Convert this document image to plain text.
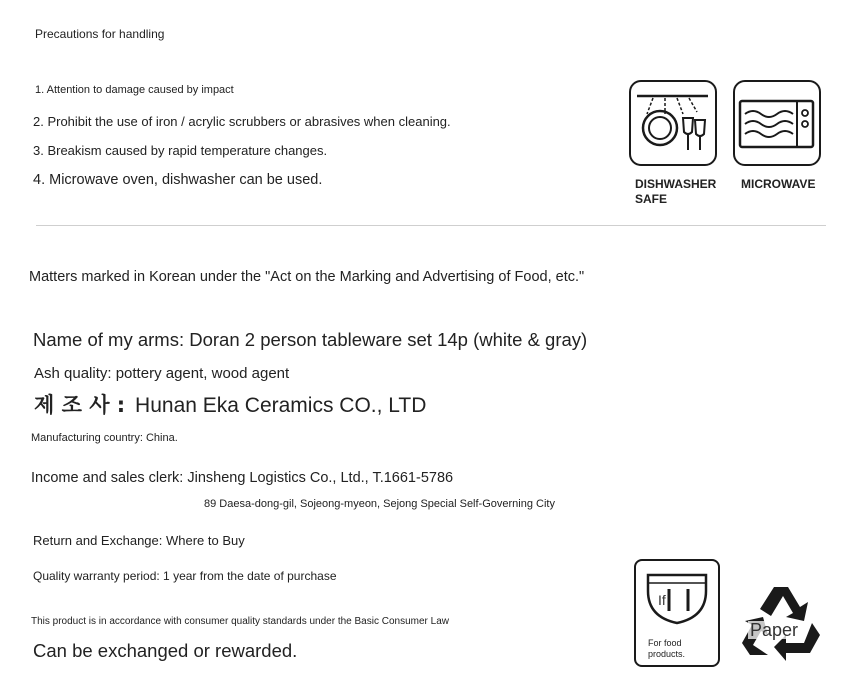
Precautions for handling
1. Attention to damage caused by impact
2. Prohibit the use of iron / acrylic scrubbers or abrasives when cleaning.
3. Breakism caused by rapid temperature changes.
4. Microwave oven, dishwasher can be used.	DISHWASHER
SAFE
MICROWAVE
Matters marked in Korean under the "Act on the Marking and Advertising of Food, etc."
Name of my arms: Doran 2 person tableware set 14p (white & gray)
Ash quality: pottery agent, wood agent
제 조 사 : Hunan Eka Ceramics CO., LTD
Manufacturing country: China.
Income and sales clerk: Jinsheng Logistics Co., Ltd., T.1661-5786
89 Daesa-dong-gil, Sojeong-myeon, Sejong Special Self-Governing City
Return and Exchange: Where to Buy
Quality warranty period: 1 year from the date of purchase
This product is in accordance with consumer quality standards under the Basic Consumer Law
Can be exchanged or rewarded.
If
For food
products.
Paper
